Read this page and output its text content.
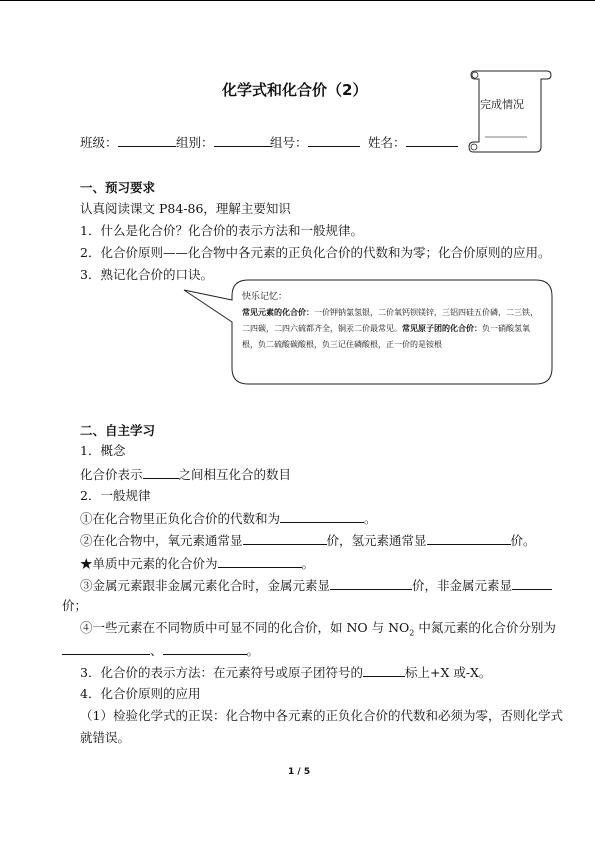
化学式和化合价（2）
完成情况
班级：	组别：	组号：	姓名：
一、预习要求
认真阅读课文 P84-86，理解主要知识
1．什么是化合价？化合价的表示方法和一般规律。
2．化合价原则——化合物中各元素的正负化合价的代数和为零；化合价原则的应用。
3．熟记化合价的口诀。
快乐记忆：
常见元素的化合价：一价钾钠氯氢银，二价氧钙钡镁锌，三铝四硅五价磷，二三铁，二四碳，二四六硫都齐全，铜汞二价最常见。常见原子团的化合价：负一硝酸氢氧根，负二硫酸碳酸根，负三记住磷酸根，正一价的是铵根
二、自主学习
1．概念
化合价表示	之间相互化合的数目
2．一般规律
①在化合物里正负化合价的代数和为	。
②在化合物中，氧元素通常显	价，氢元素通常显	价。
★单质中元素的化合价为	。
③金属元素跟非金属元素化合时，金属元素显	价，非金属元素显
价；
④一些元素在不同物质中可显不同的化合价，如 NO 与 $NO_2$ 中氮元素的化合价分别为
、	。
3．化合价的表示方法：在元素符号或原子团符号的	标上+X 或-X。
4．化合价原则的应用
（1）检验化学式的正误：化合物中各元素的正负化合价的代数和必须为零，否则化学式
就错误。
1 / 5
